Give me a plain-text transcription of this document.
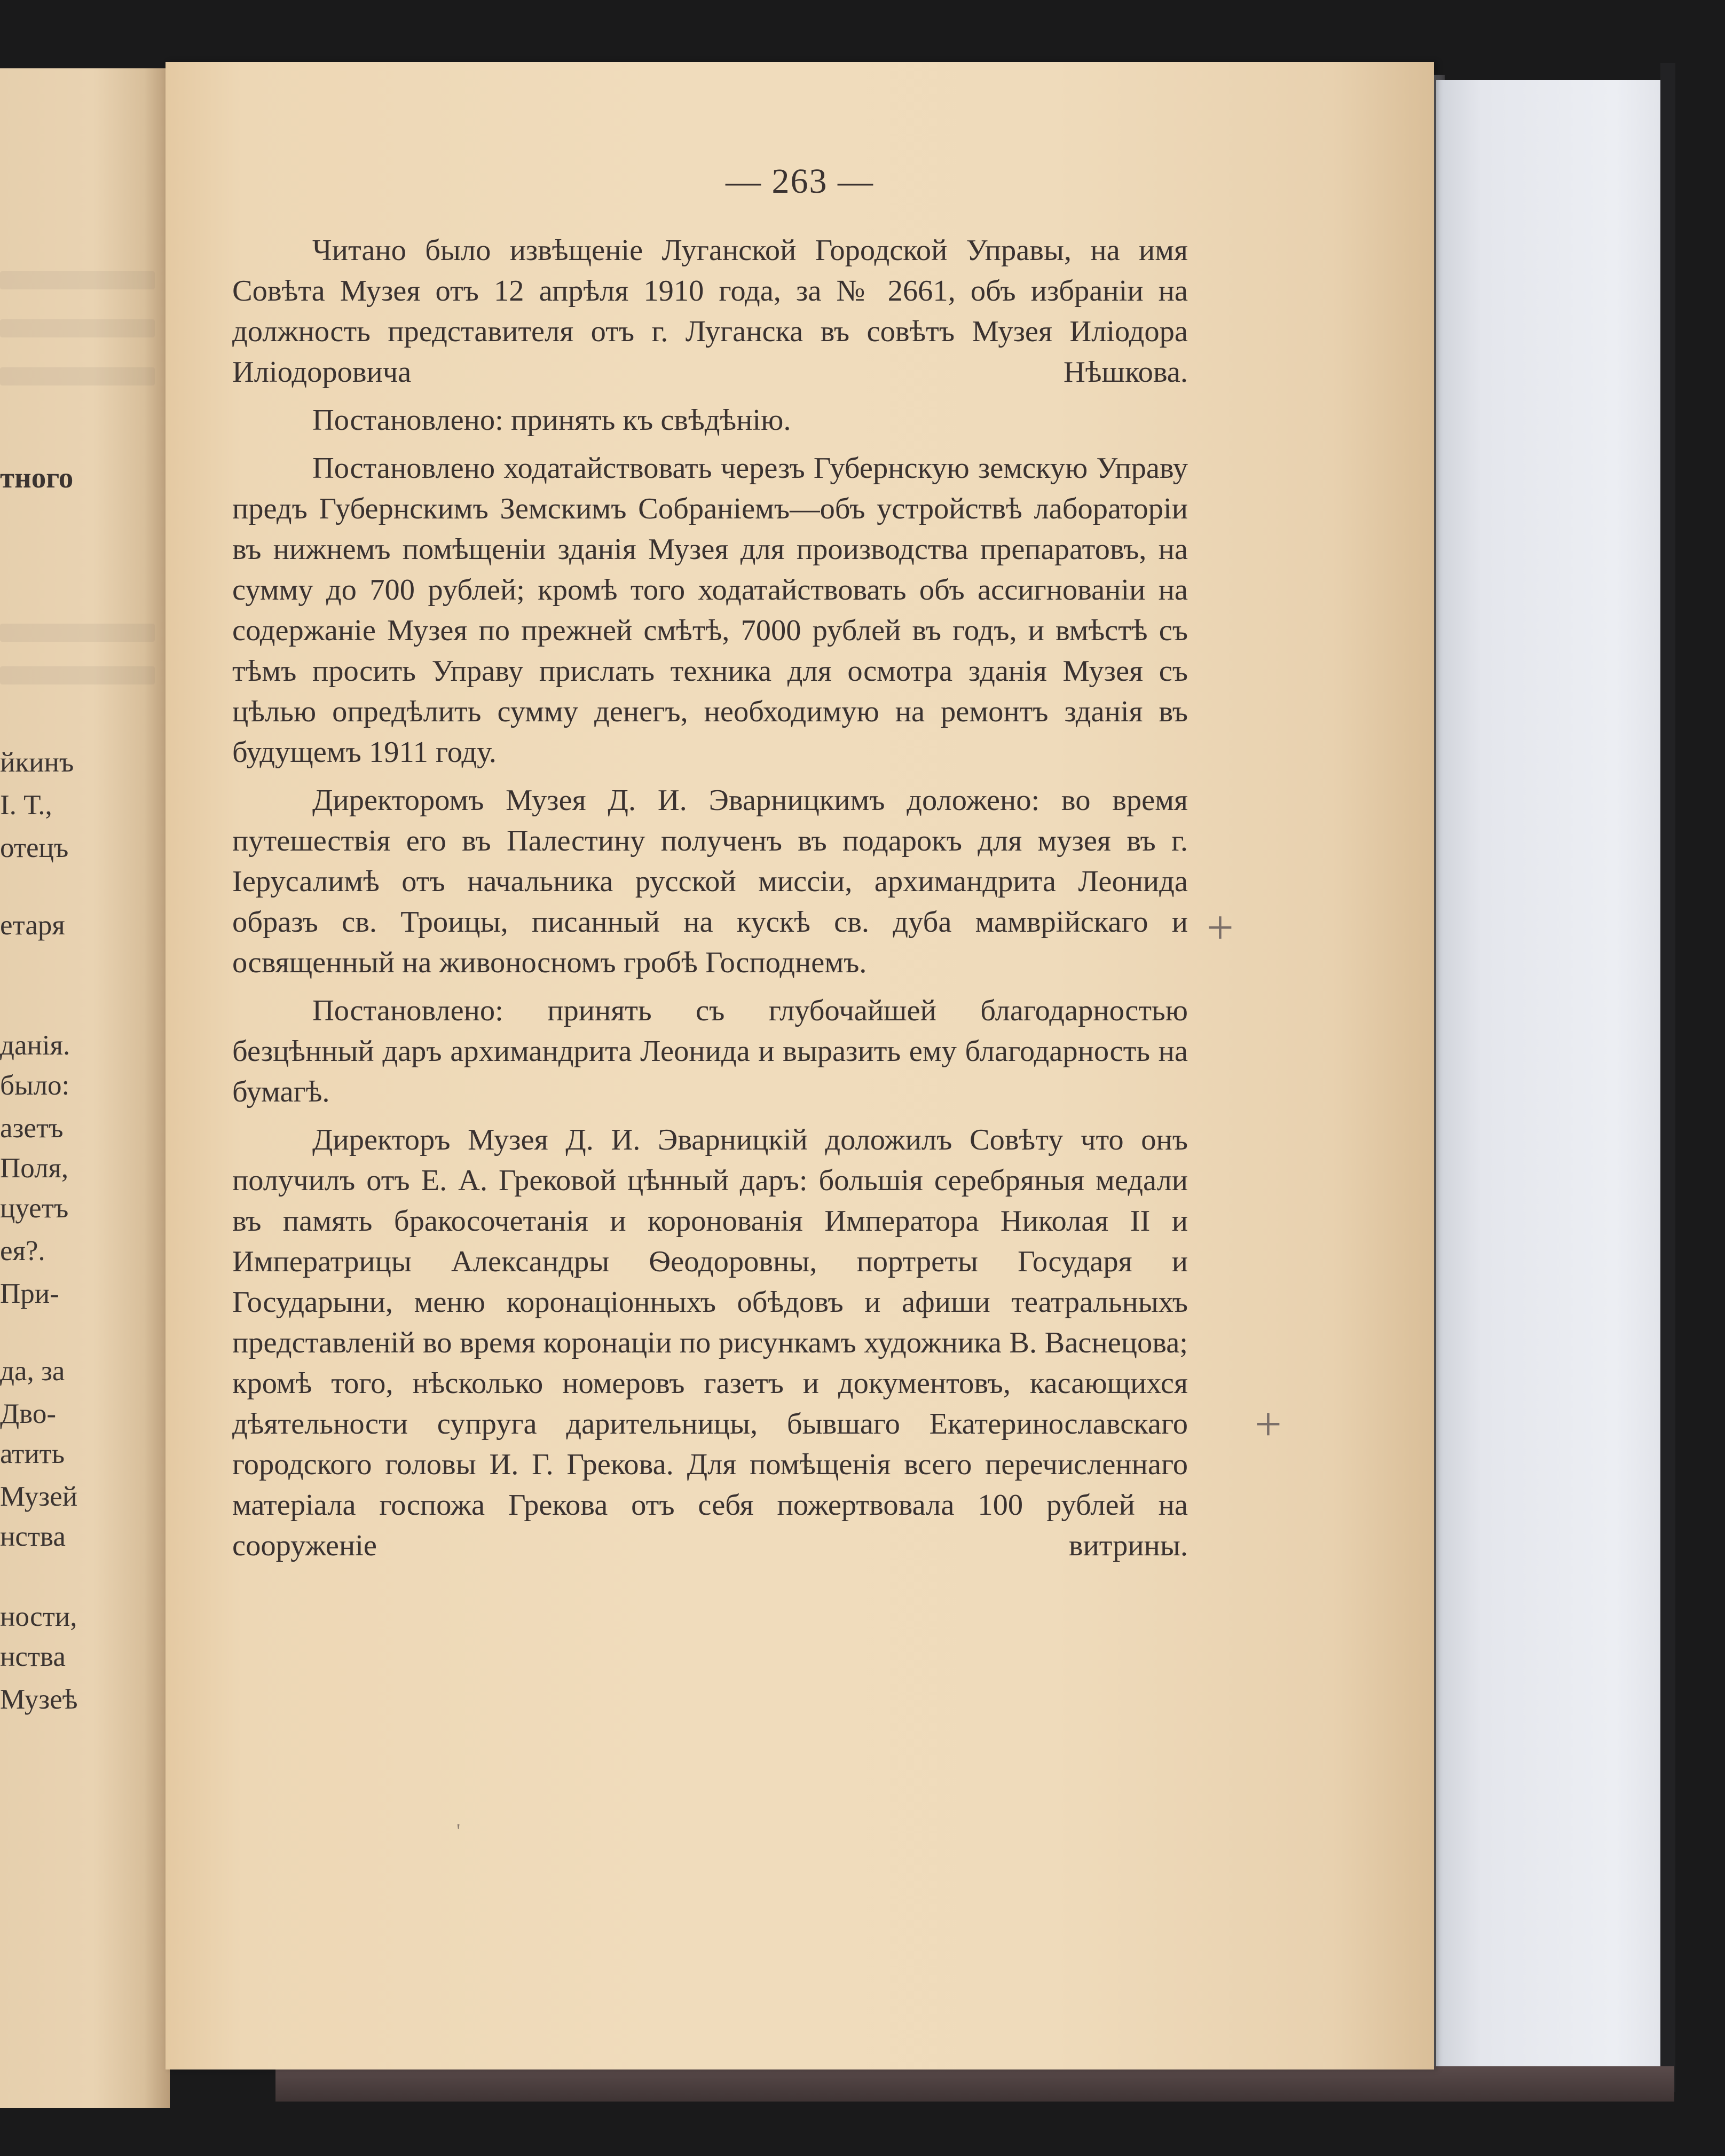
тного
йкинъ
I. Т.,
отецъ
етаря
данія.
было:
азетъ
Поля,
цуетъ
ея?.
При-
да, за
Дво-
атить
Музей
нства
ности,
нства
Музеѣ
— 263 —

Читано было извѣщеніе Луганской Городской Управы, на имя Совѣта Музея отъ 12 апрѣля 1910 года, за № 2661, объ избраніи на должность представителя отъ г. Луганска въ совѣтъ Музея Иліодора Иліодоровича Нѣшкова.

Постановлено: принять къ свѣдѣнію.

Постановлено ходатайствовать черезъ Губернскую земскую Управу предъ Губернскимъ Земскимъ Собраніемъ—объ устройствѣ лабораторіи въ нижнемъ помѣщеніи зданія Музея для производства препаратовъ, на сумму до 700 рублей; кромѣ того ходатайствовать объ ассигнованіи на содержаніе Музея по прежней смѣтѣ, 7000 рублей въ годъ, и вмѣстѣ съ тѣмъ просить Управу прислать техника для осмотра зданія Музея съ цѣлью опредѣлить сумму денегъ, необходимую на ремонтъ зданія въ будущемъ 1911 году.

Директоромъ Музея Д. И. Эварницкимъ доложено: во время путешествія его въ Палестину полученъ въ подарокъ для музея въ г. Іерусалимѣ отъ начальника русской миссіи, архимандрита Леонида образъ св. Троицы, писанный на кускѣ св. дуба мамврійскаго и освященный на живоносномъ гробѣ Господнемъ.

Постановлено: принять съ глубочайшей благодарностью безцѣнный даръ архимандрита Леонида и выразить ему благодарность на бумагѣ.

Директоръ Музея Д. И. Эварницкій доложилъ Совѣту что онъ получилъ отъ Е. А. Грековой цѣнный даръ: большія серебряныя медали въ память бракосочетанія и коронованія Императора Николая II и Императрицы Александры Ѳеодоровны, портреты Государя и Государыни, меню коронаціонныхъ обѣдовъ и афиши театральныхъ представленій во время коронаціи по рисункамъ художника В. Васнецова; кромѣ того, нѣсколько номеровъ газетъ и документовъ, касающихся дѣятельности супруга дарительницы, бывшаго Екатеринославскаго городского головы И. Г. Грекова. Для помѣщенія всего перечисленнаго матеріала госпожа Грекова отъ себя пожертвовала 100 рублей на сооруженіе витрины.

+
+
'
